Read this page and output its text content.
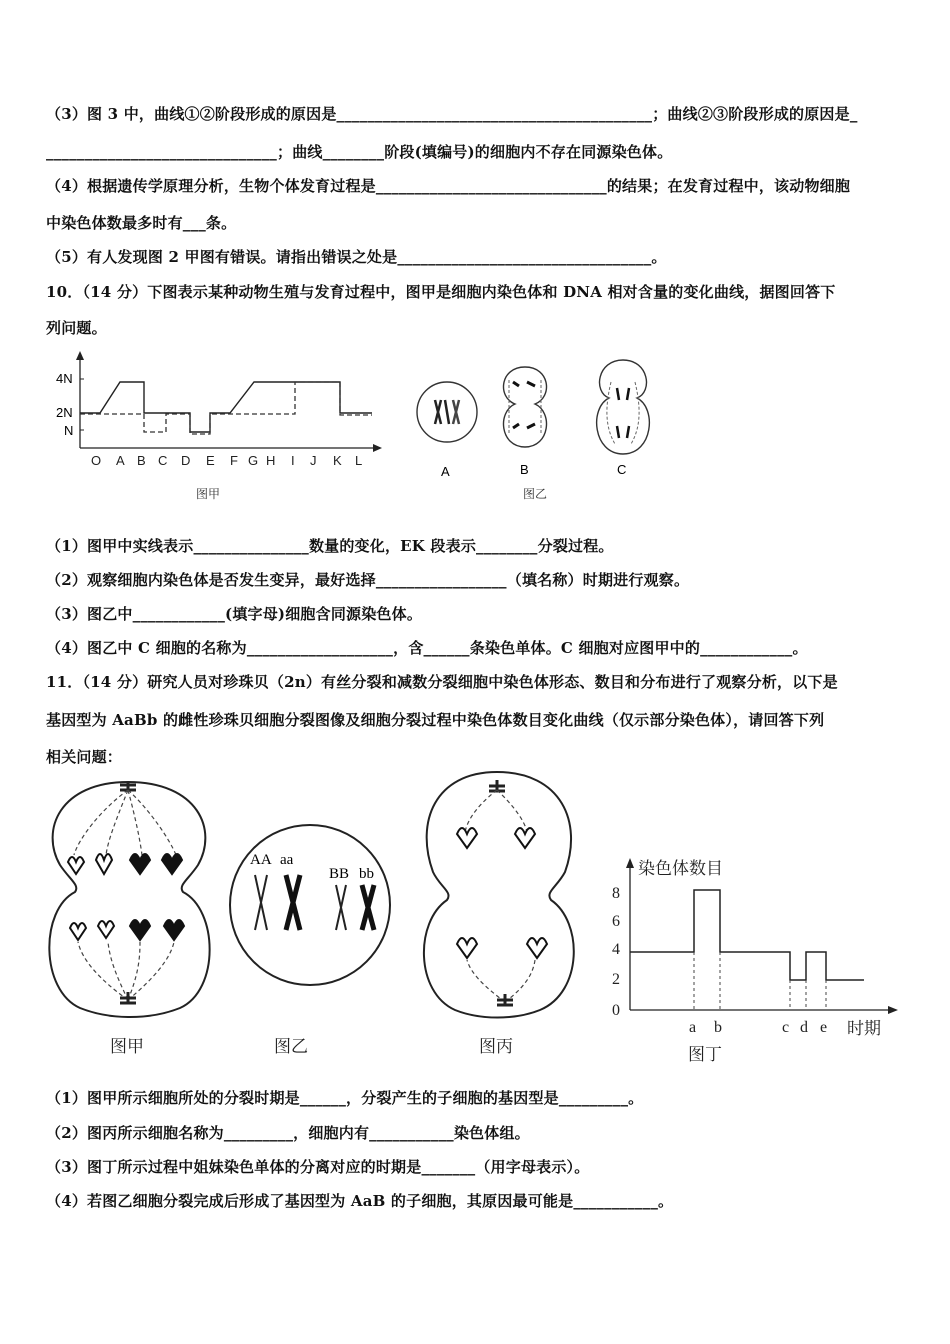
（3）图 3 中，曲线①②阶段形成的原因是_________________________________________；曲线②③阶段形成的原因是_
______________________________；曲线________阶段(填编号)的细胞内不存在同源染色体。
（4）根据遗传学原理分析，生物个体发育过程是______________________________的结果；在发育过程中，该动物细胞
中染色体数最多时有___条。
（5）有人发现图 2 甲图有错误。请指出错误之处是_________________________________。
10．（14 分）下图表示某种动物生殖与发育过程中，图甲是细胞内染色体和 DNA 相对含量的变化曲线，据图回答下
列问题。
4N
2N
N
O A B C D E F G H I J K L
图甲
A	B	C
图乙
（1）图甲中实线表示_______________数量的变化，EK 段表示________分裂过程。
（2）观察细胞内染色体是否发生变异，最好选择_________________（填名称）时期进行观察。
（3）图乙中____________(填字母)细胞含同源染色体。
（4）图乙中 C 细胞的名称为___________________，含______条染色单体。C 细胞对应图甲中的____________。
11．（14 分）研究人员对珍珠贝（2n）有丝分裂和减数分裂细胞中染色体形态、数目和分布进行了观察分析，以下是
基因型为 AaBb 的雌性珍珠贝细胞分裂图像及细胞分裂过程中染色体数目变化曲线（仅示部分染色体），请回答下列
相关问题：
图甲
AA aa
BB bb
图乙	图丙
染色体数目
8
6
4
2
0
a b	c d e 时期
图丁
（1）图甲所示细胞所处的分裂时期是______，分裂产生的子细胞的基因型是_________。
（2）图丙所示细胞名称为_________，细胞内有___________染色体组。
（3）图丁所示过程中姐妹染色单体的分离对应的时期是_______（用字母表示）。
（4）若图乙细胞分裂完成后形成了基因型为 AaB 的子细胞，其原因最可能是___________。
